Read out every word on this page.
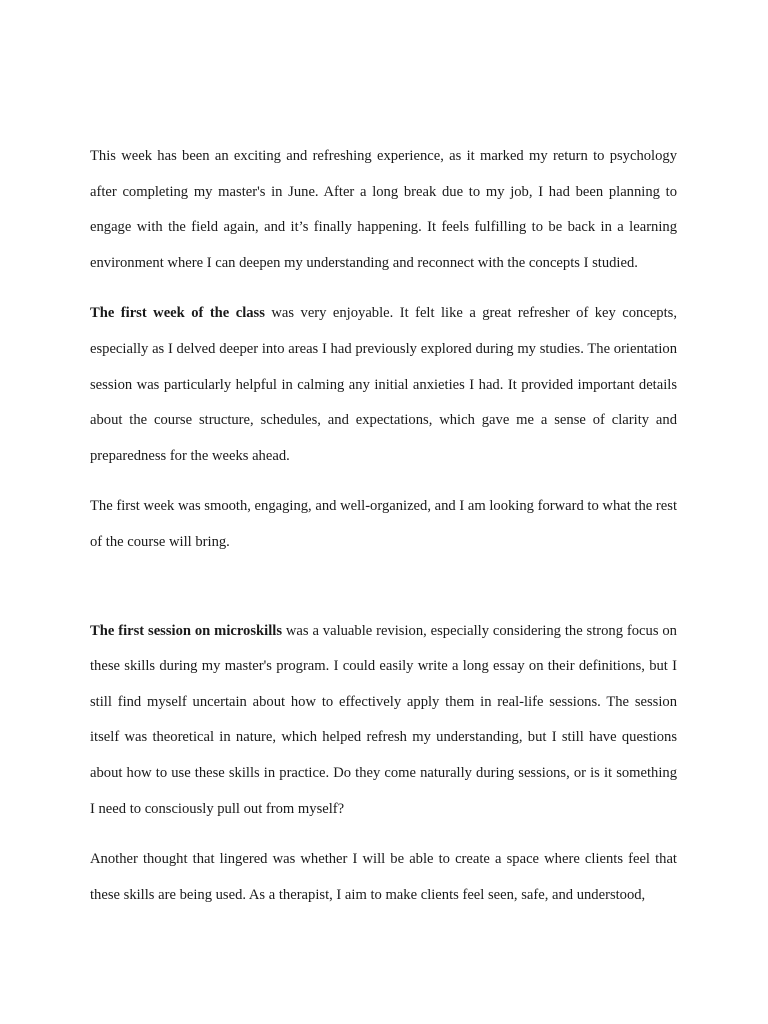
This week has been an exciting and refreshing experience, as it marked my return to psychology after completing my master's in June. After a long break due to my job, I had been planning to engage with the field again, and it’s finally happening. It feels fulfilling to be back in a learning environment where I can deepen my understanding and reconnect with the concepts I studied.

The first week of the class was very enjoyable. It felt like a great refresher of key concepts, especially as I delved deeper into areas I had previously explored during my studies. The orientation session was particularly helpful in calming any initial anxieties I had. It provided important details about the course structure, schedules, and expectations, which gave me a sense of clarity and preparedness for the weeks ahead.

The first week was smooth, engaging, and well-organized, and I am looking forward to what the rest of the course will bring.

The first session on microskills was a valuable revision, especially considering the strong focus on these skills during my master's program. I could easily write a long essay on their definitions, but I still find myself uncertain about how to effectively apply them in real-life sessions. The session itself was theoretical in nature, which helped refresh my understanding, but I still have questions about how to use these skills in practice. Do they come naturally during sessions, or is it something I need to consciously pull out from myself?

Another thought that lingered was whether I will be able to create a space where clients feel that these skills are being used. As a therapist, I aim to make clients feel seen, safe, and understood,
